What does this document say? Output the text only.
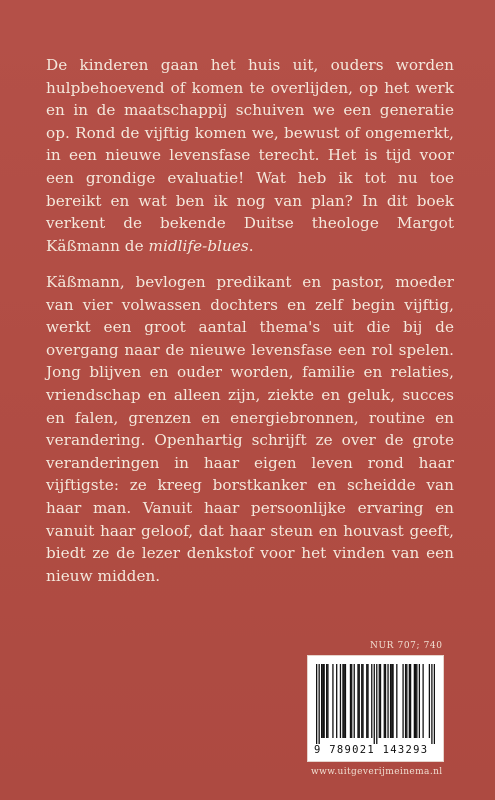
De kinderen gaan het huis uit, ouders worden hulpbehoevend of komen te overlijden, op het werk en in de maatschappij schuiven we een generatie op. Rond de vijftig komen we, bewust of ongemerkt, in een nieuwe levensfase terecht. Het is tijd voor een grondige evaluatie! Wat heb ik tot nu toe bereikt en wat ben ik nog van plan? In dit boek verkent de bekende Duitse theologe Margot Käßmann de midlife-blues.

Käßmann, bevlogen predikant en pastor, moeder van vier volwassen dochters en zelf begin vijftig, werkt een groot aantal thema's uit die bij de overgang naar de nieuwe levensfase een rol spelen. Jong blijven en ouder worden, familie en relaties, vriendschap en alleen zijn, ziekte en geluk, succes en falen, grenzen en energiebronnen, routine en verandering. Openhartig schrijft ze over de grote veranderingen in haar eigen leven rond haar vijftigste: ze kreeg borstkanker en scheidde van haar man. Vanuit haar persoonlijke ervaring en vanuit haar geloof, dat haar steun en houvast geeft, biedt ze de lezer denkstof voor het vinden van een nieuw midden.

NUR 707; 740
9 789021 143293
www.uitgeverijmeinema.nl
